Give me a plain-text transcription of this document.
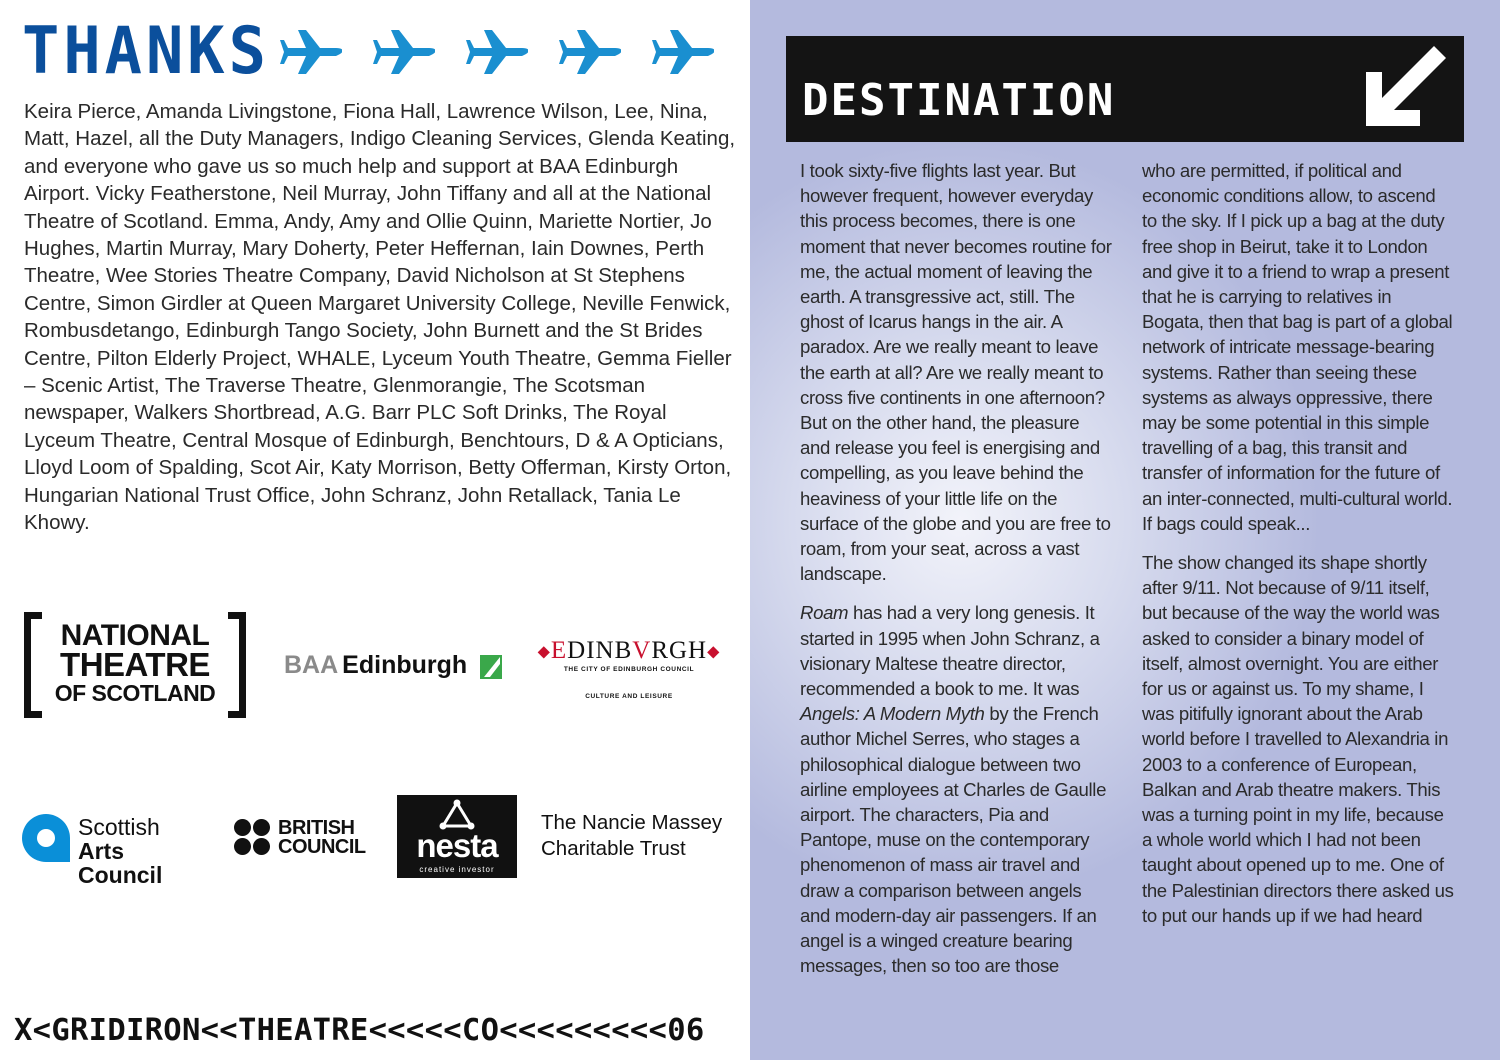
THANKS

Keira Pierce, Amanda Livingstone, Fiona Hall, Lawrence Wilson, Lee, Nina, Matt, Hazel, all the Duty Managers, Indigo Cleaning Services, Glenda Keating, and everyone who gave us so much help and support at BAA Edinburgh Airport. Vicky Featherstone, Neil Murray, John Tiffany and all at the National Theatre of Scotland. Emma, Andy, Amy and Ollie Quinn, Mariette Nortier, Jo Hughes, Martin Murray, Mary Doherty, Peter Heffernan, Iain Downes, Perth Theatre, Wee Stories Theatre Company, David Nicholson at St Stephens Centre, Simon Girdler at Queen Margaret University College, Neville Fenwick, Rombusdetango, Edinburgh Tango Society, John Burnett and the St Brides Centre, Pilton Elderly Project, WHALE, Lyceum Youth Theatre, Gemma Fieller – Scenic Artist, The Traverse Theatre, Glenmorangie, The Scotsman newspaper, Walkers Shortbread, A.G. Barr PLC Soft Drinks, The Royal Lyceum Theatre, Central Mosque of Edinburgh, Benchtours, D & A Opticians, Lloyd Loom of Spalding, Scot Air, Katy Morrison, Betty Offerman, Kirsty Orton, Hungarian National Trust Office, John Schranz, John Retallack, Tania Le Khowy.

NATIONAL
THEATRE
OF SCOTLAND
BAA Edinburgh	◆EDINBVRGH◆
THE CITY OF EDINBURGH COUNCIL
CULTURE AND LEISURE
Scottish
Arts Council
BRITISH
COUNCIL	nesta
creative investor
The Nancie Massey
Charitable Trust
X<GRIDIRON<<THEATRE<<<<<CO<<<<<<<<<06
DESTINATION

I took sixty-five flights last year. But however frequent, however everyday this process becomes, there is one moment that never becomes routine for me, the actual moment of leaving the earth. A transgressive act, still. The ghost of Icarus hangs in the air. A paradox. Are we really meant to leave the earth at all? Are we really meant to cross five continents in one afternoon? But on the other hand, the pleasure and release you feel is energising and compelling, as you leave behind the heaviness of your little life on the surface of the globe and you are free to roam, from your seat, across a vast landscape.

Roam has had a very long genesis. It started in 1995 when John Schranz, a visionary Maltese theatre director, recommended a book to me. It was Angels: A Modern Myth by the French author Michel Serres, who stages a philosophical dialogue between two airline employees at Charles de Gaulle airport. The characters, Pia and Pantope, muse on the contemporary phenomenon of mass air travel and draw a comparison between angels and modern-day air passengers. If an angel is a winged creature bearing messages, then so too are those

who are permitted, if political and economic conditions allow, to ascend to the sky. If I pick up a bag at the duty free shop in Beirut, take it to London and give it to a friend to wrap a present that he is carrying to relatives in Bogata, then that bag is part of a global network of intricate message-bearing systems. Rather than seeing these systems as always oppressive, there may be some potential in this simple travelling of a bag, this transit and transfer of information for the future of an inter-connected, multi-cultural world. If bags could speak...

The show changed its shape shortly after 9/11. Not because of 9/11 itself, but because of the way the world was asked to consider a binary model of itself, almost overnight. You are either for us or against us. To my shame, I was pitifully ignorant about the Arab world before I travelled to Alexandria in 2003 to a conference of European, Balkan and Arab theatre makers. This was a turning point in my life, because a whole world which I had not been taught about opened up to me. One of the Palestinian directors there asked us to put our hands up if we had heard
